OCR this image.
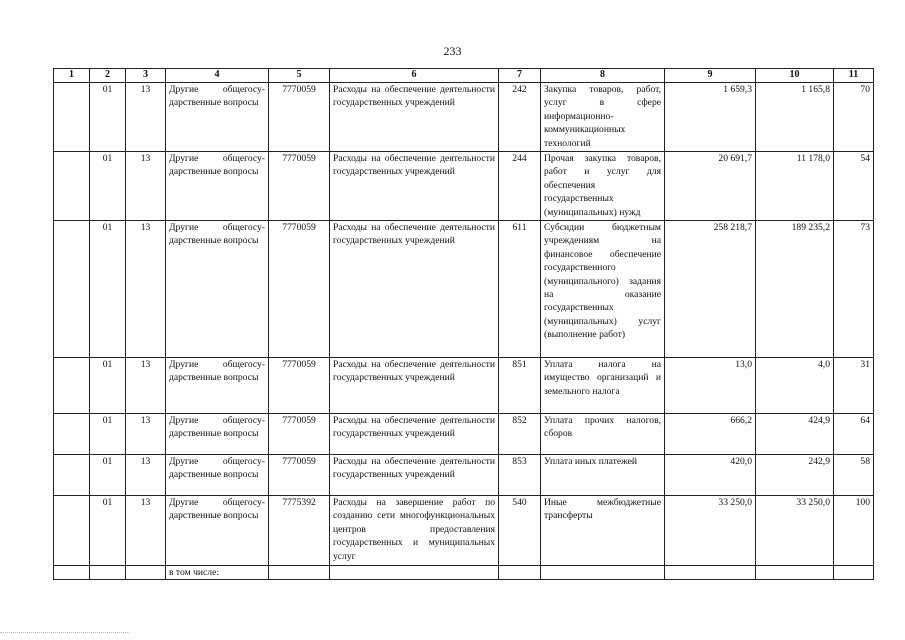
233
1	2	3	4	5	6	7	8	9	10	11
	01	13	Другие общегосу-дарственные вопросы	7770059	Расходы на обеспечение деятельности государственных учреждений	242	Закупка товаров, работ, услуг в сфере информационно-коммуникационных технологий	1 659,3	1 165,8	70
	01	13	Другие общегосу-дарственные вопросы	7770059	Расходы на обеспечение деятельности государственных учреждений	244	Прочая закупка товаров, работ и услуг для обеспечения государственных (муниципальных) нужд	20 691,7	11 178,0	54
	01	13	Другие общегосу-дарственные вопросы	7770059	Расходы на обеспечение деятельности государственных учреждений	611	Субсидии бюджетным учреждениям на финансовое обеспечение государственного (муниципального) задания на оказание государственных (муниципальных) услуг (выполнение работ)	258 218,7	189 235,2	73
	01	13	Другие общегосу-дарственные вопросы	7770059	Расходы на обеспечение деятельности государственных учреждений	851	Уплата налога на имущество организаций и земельного налога	13,0	4,0	31
	01	13	Другие общегосу-дарственные вопросы	7770059	Расходы на обеспечение деятельности государственных учреждений	852	Уплата прочих налогов, сборов	666,2	424,9	64
	01	13	Другие общегосу-дарственные вопросы	7770059	Расходы на обеспечение деятельности государственных учреждений	853	Уплата иных платежей	420,0	242,9	58
	01	13	Другие общегосу-дарственные вопросы	7775392	Расходы на завершение работ по созданию сети многофункциональных центров предоставления государственных и муниципальных услуг	540	Иные межбюджетные трансферты	33 250,0	33 250,0	100
			в том числе:							
